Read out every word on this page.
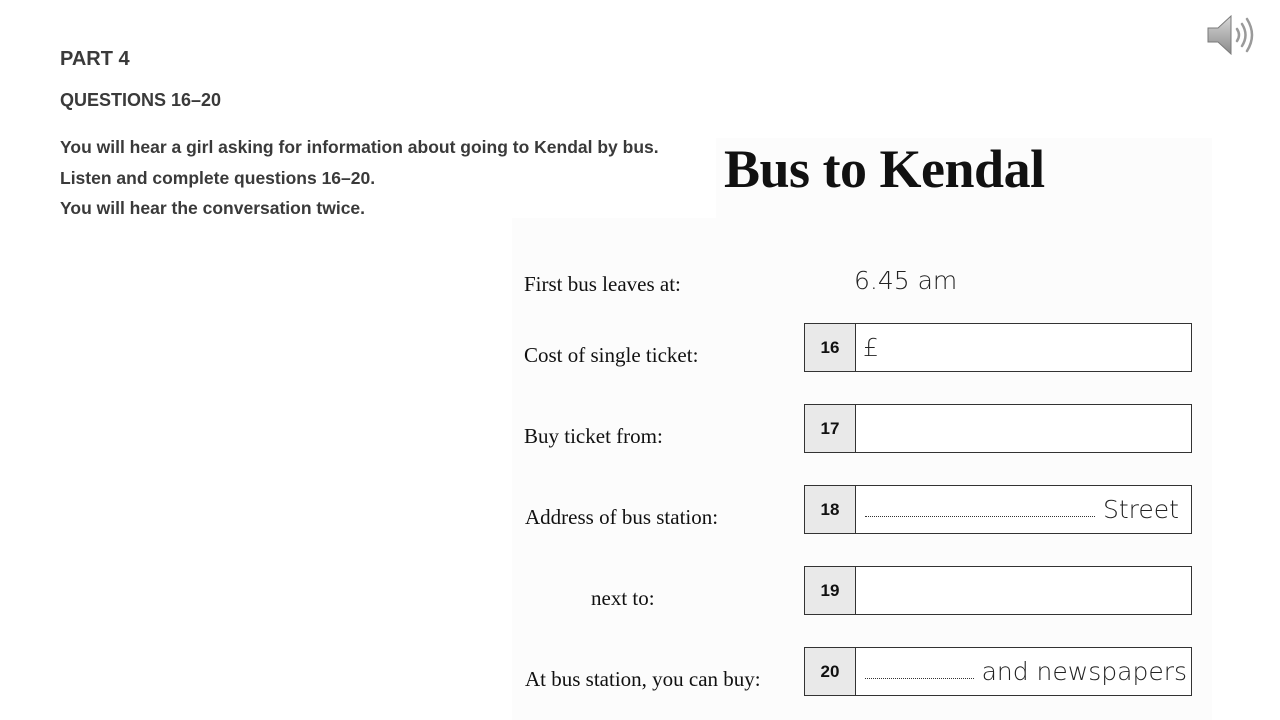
PART 4
QUESTIONS 16–20
You will hear a girl asking for information about going to Kendal by bus.
Listen and complete questions 16–20.
You will hear the conversation twice.
Bus to Kendal
First bus leaves at:	6.45 am
Cost of single ticket:	16 £
Buy ticket from:	17
Address of bus station:	18	Street
next to:	19
At bus station, you can buy:	20	and newspapers
